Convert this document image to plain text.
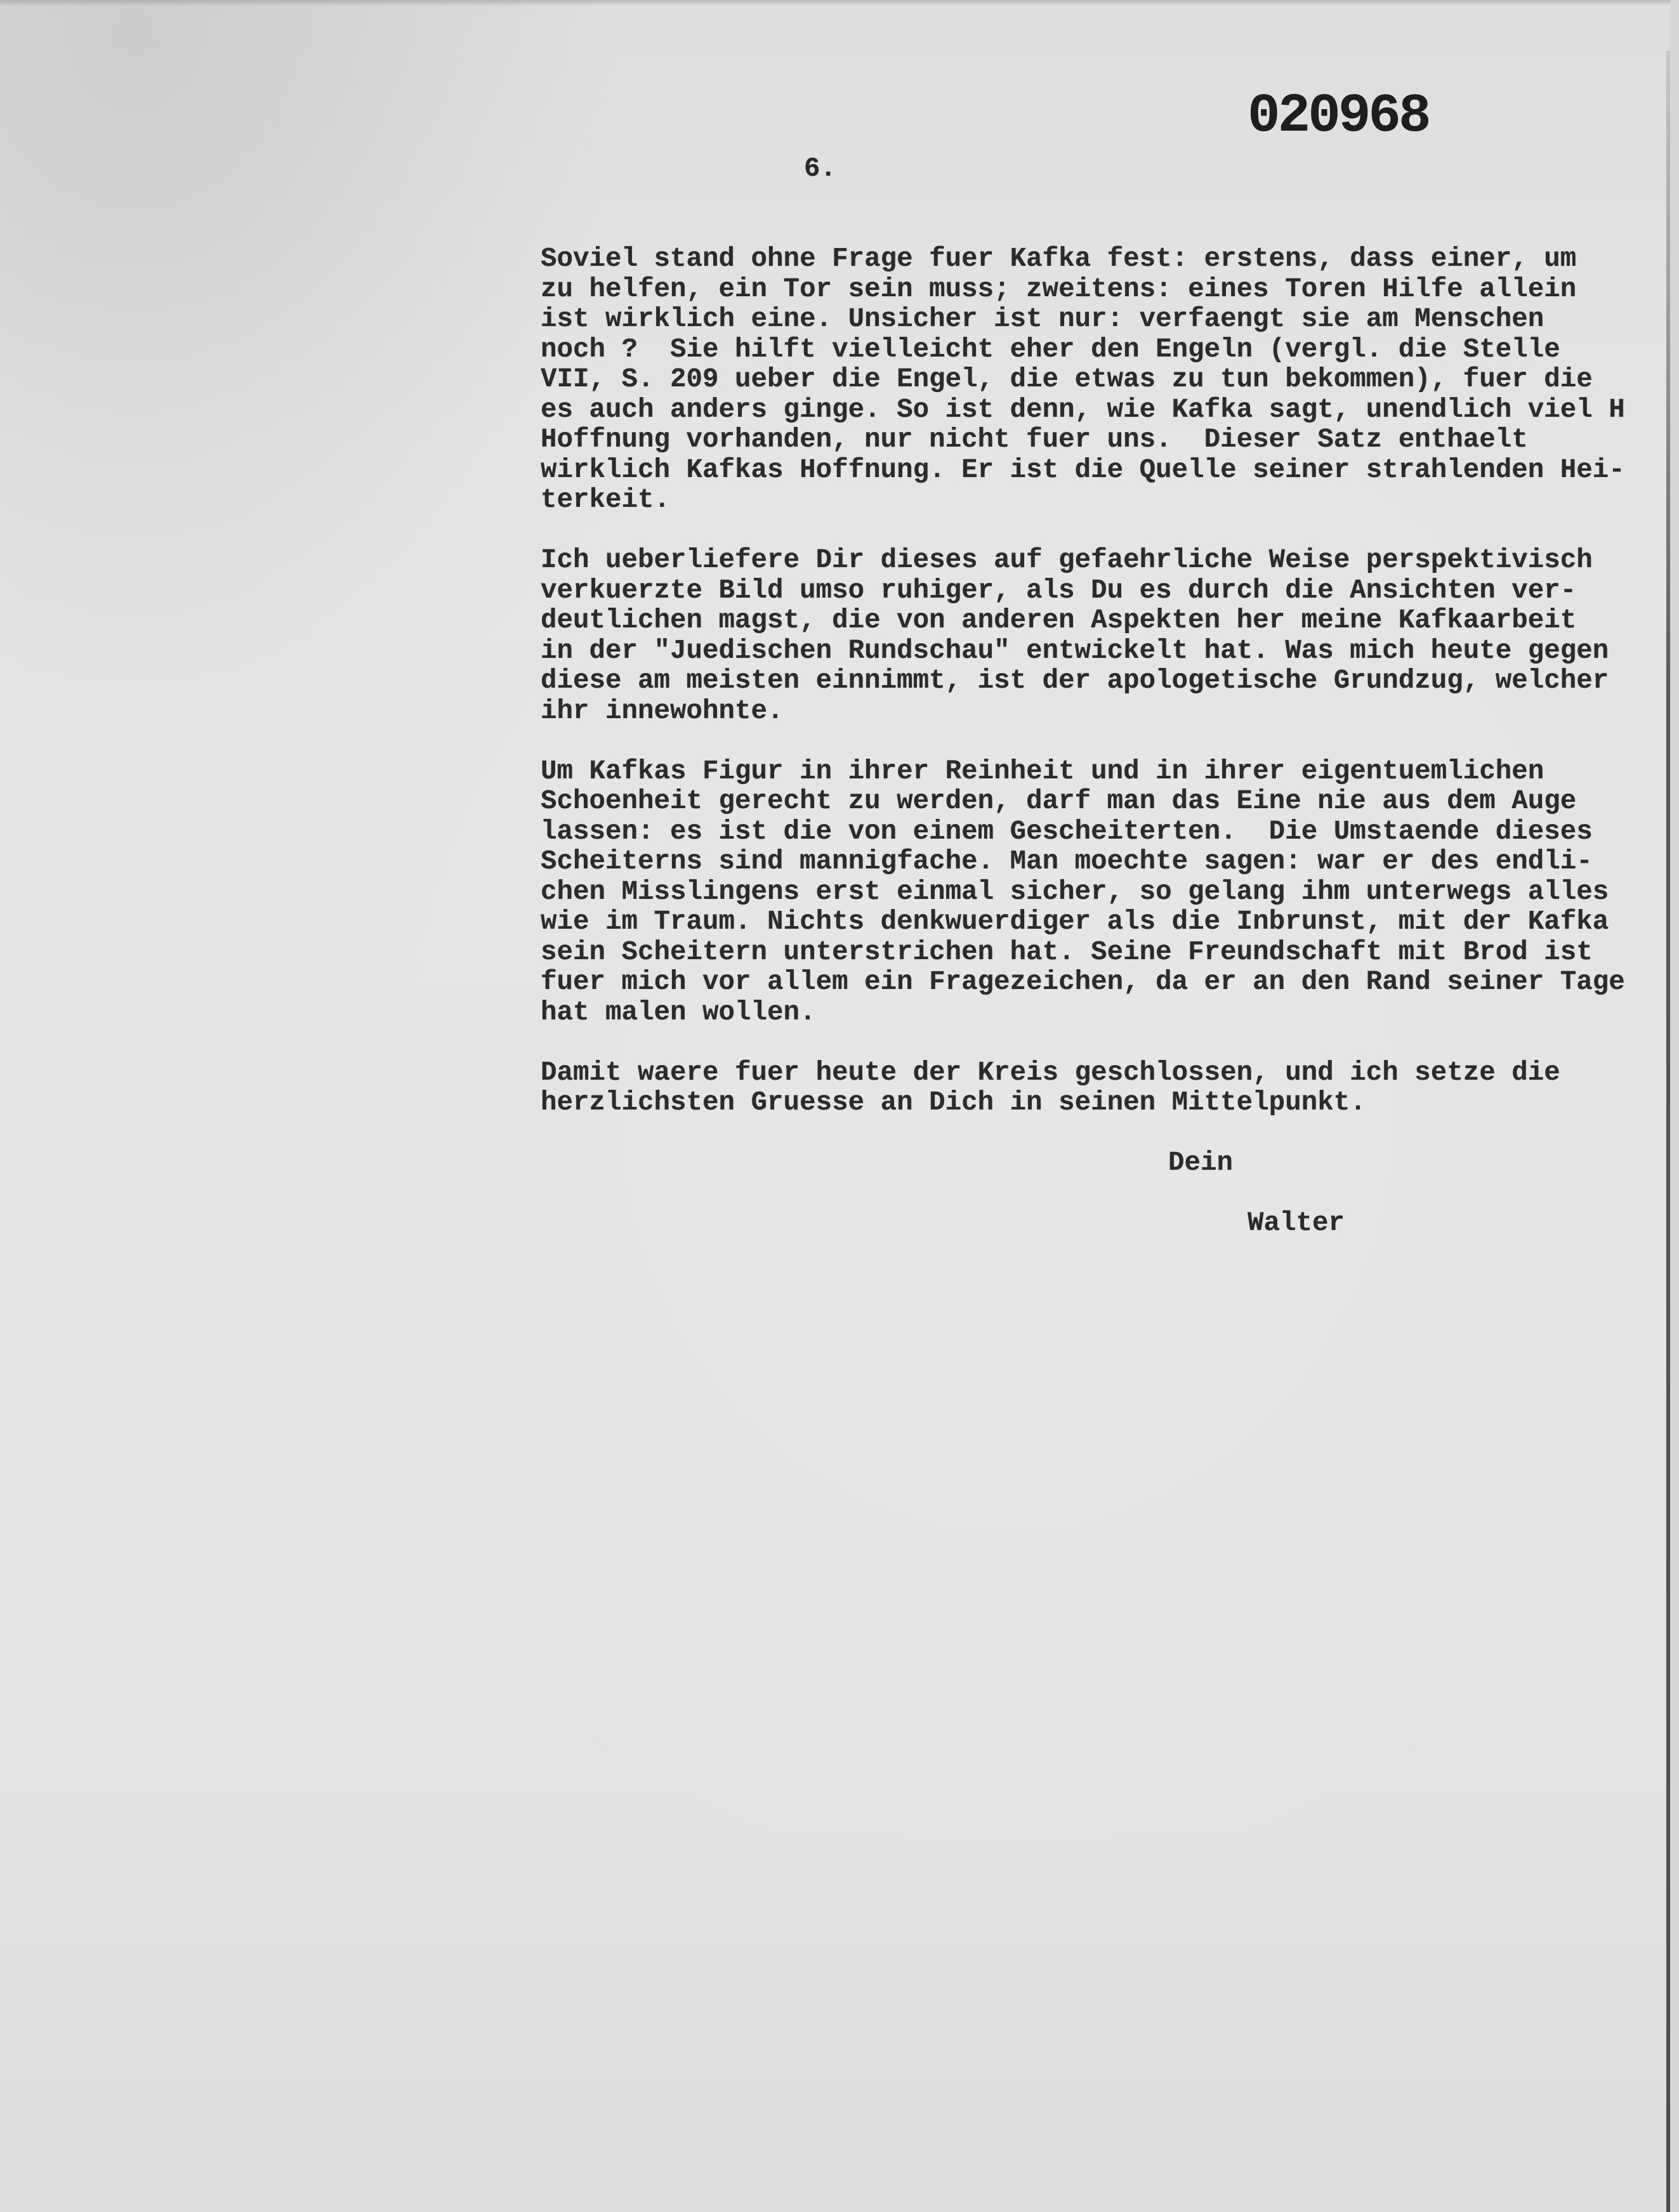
020968
6.
Soviel stand ohne Frage fuer Kafka fest: erstens, dass einer, um
zu helfen, ein Tor sein muss; zweitens: eines Toren Hilfe allein
ist wirklich eine. Unsicher ist nur: verfaengt sie am Menschen
noch ?  Sie hilft vielleicht eher den Engeln (vergl. die Stelle
VII, S. 209 ueber die Engel, die etwas zu tun bekommen), fuer die
es auch anders ginge. So ist denn, wie Kafka sagt, unendlich viel H
Hoffnung vorhanden, nur nicht fuer uns.  Dieser Satz enthaelt
wirklich Kafkas Hoffnung. Er ist die Quelle seiner strahlenden Hei-
terkeit.
Ich ueberliefere Dir dieses auf gefaehrliche Weise perspektivisch
verkuerzte Bild umso ruhiger, als Du es durch die Ansichten ver-
deutlichen magst, die von anderen Aspekten her meine Kafkaarbeit
in der "Juedischen Rundschau" entwickelt hat. Was mich heute gegen
diese am meisten einnimmt, ist der apologetische Grundzug, welcher
ihr innewohnte.
Um Kafkas Figur in ihrer Reinheit und in ihrer eigentuemlichen
Schoenheit gerecht zu werden, darf man das Eine nie aus dem Auge
lassen: es ist die von einem Gescheiterten.  Die Umstaende dieses
Scheiterns sind mannigfache. Man moechte sagen: war er des endli-
chen Misslingens erst einmal sicher, so gelang ihm unterwegs alles
wie im Traum. Nichts denkwuerdiger als die Inbrunst, mit der Kafka
sein Scheitern unterstrichen hat. Seine Freundschaft mit Brod ist
fuer mich vor allem ein Fragezeichen, da er an den Rand seiner Tage
hat malen wollen.
Damit waere fuer heute der Kreis geschlossen, und ich setze die
herzlichsten Gruesse an Dich in seinen Mittelpunkt.
Dein
Walter
